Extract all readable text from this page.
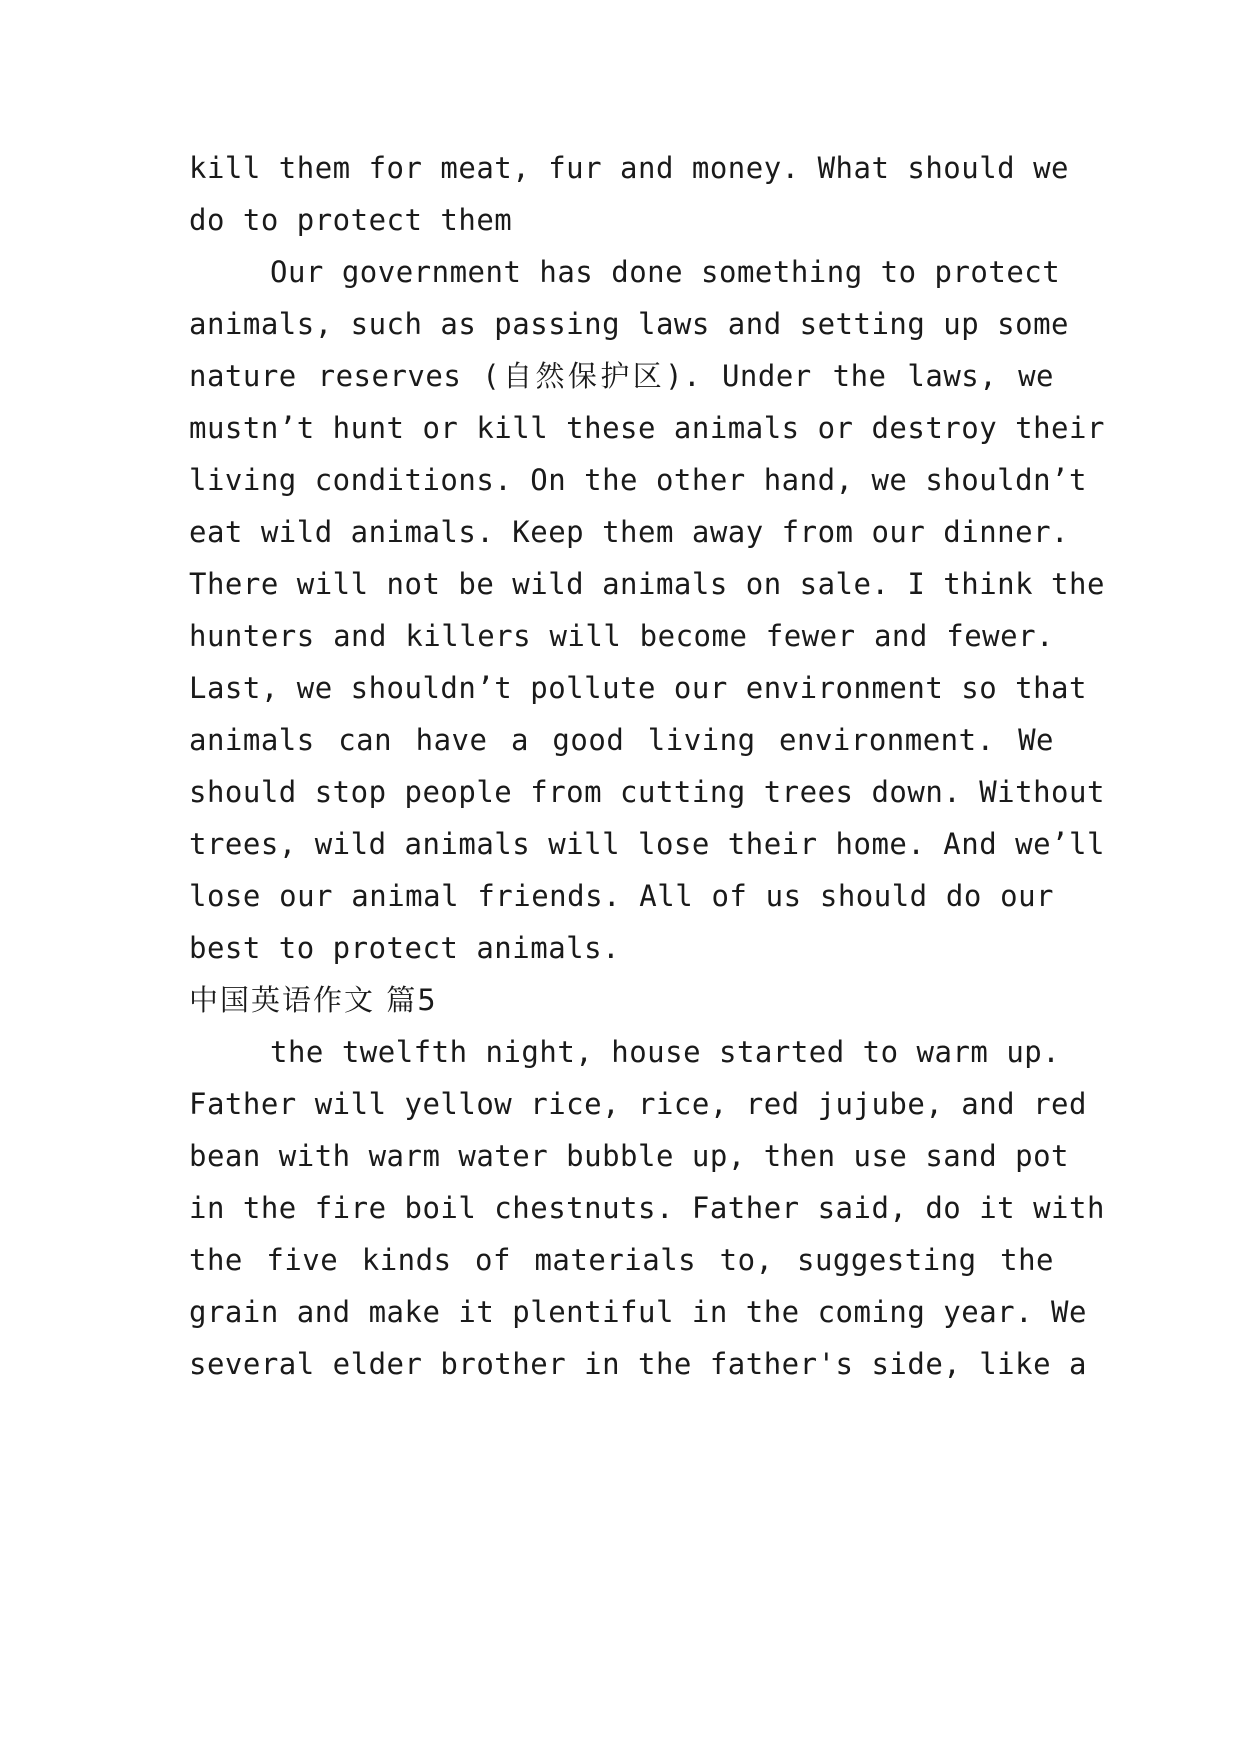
kill them for meat, fur and money. What should we
do to protect them
Our government has done something to protect
animals, such as passing laws and setting up some
nature reserves (自然保护区). Under the laws, we
mustn’t hunt or kill these animals or destroy their
living conditions. On the other hand, we shouldn’t
eat wild animals. Keep them away from our dinner.
There will not be wild animals on sale. I think the
hunters and killers will become fewer and fewer.
Last, we shouldn’t pollute our environment so that
animals can have a good living environment. We
should stop people from cutting trees down. Without
trees, wild animals will lose their home. And we’ll
lose our animal friends. All of us should do our
best to protect animals.
中国英语作文 篇5
the twelfth night, house started to warm up.
Father will yellow rice, rice, red jujube, and red
bean with warm water bubble up, then use sand pot
in the fire boil chestnuts. Father said, do it with
the five kinds of materials to, suggesting the
grain and make it plentiful in the coming year. We
several elder brother in the father's side, like a
